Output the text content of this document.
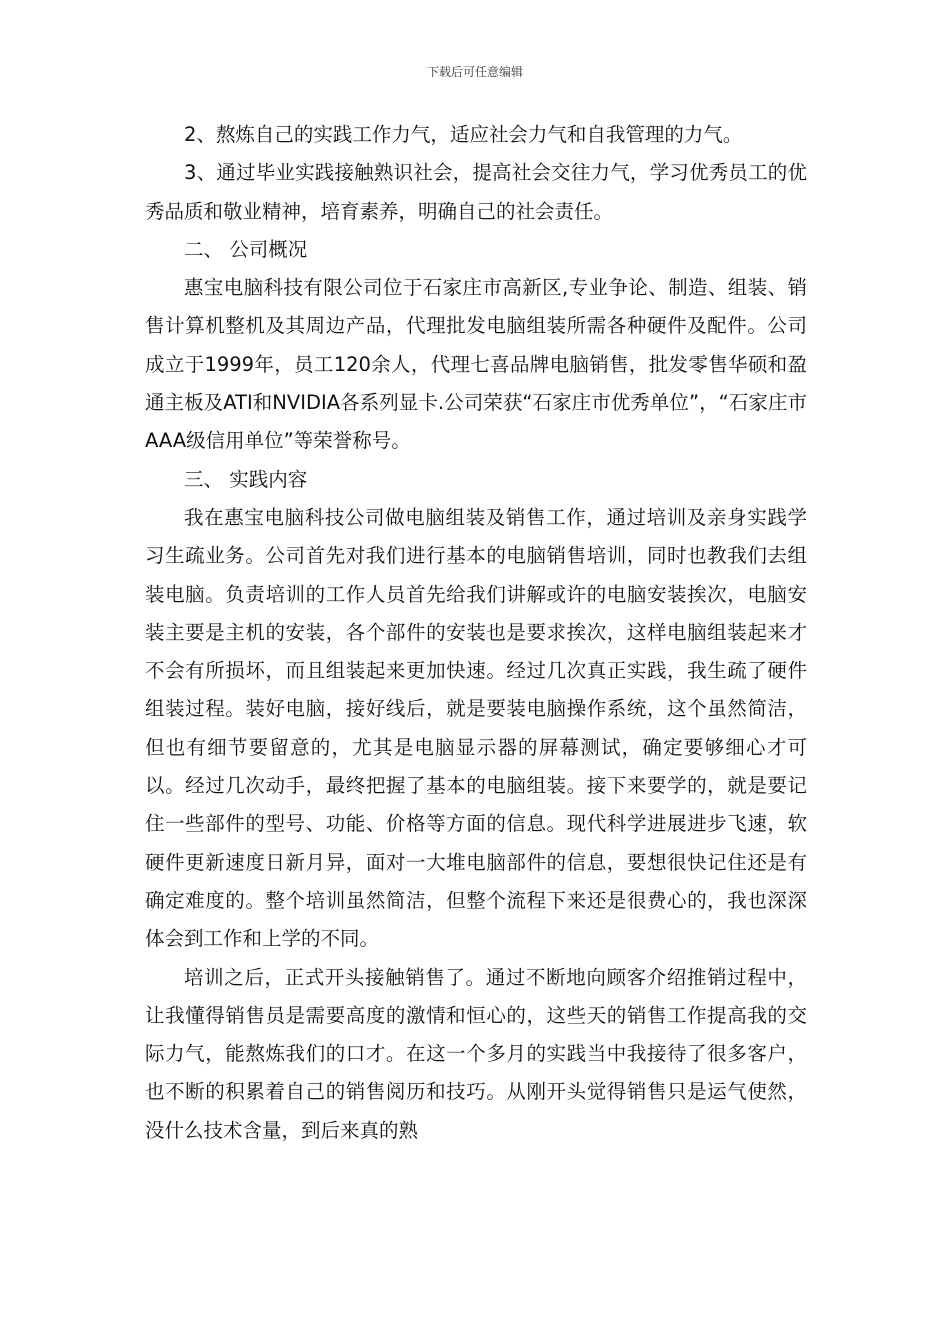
下载后可任意编辑

2、熬炼自己的实践工作力气，适应社会力气和自我管理的力气。

3、通过毕业实践接触熟识社会，提高社会交往力气，学习优秀员工的优秀品质和敬业精神，培育素养，明确自己的社会责任。

二、 公司概况

惠宝电脑科技有限公司位于石家庄市高新区,专业争论、制造、组装、销售计算机整机及其周边产品，代理批发电脑组装所需各种硬件及配件。公司成立于1999年，员工120余人，代理七喜品牌电脑销售，批发零售华硕和盈通主板及ATI和NVIDIA各系列显卡.公司荣获“石家庄市优秀单位”，“石家庄市AAA级信用单位”等荣誉称号。

三、 实践内容

我在惠宝电脑科技公司做电脑组装及销售工作，通过培训及亲身实践学习生疏业务。公司首先对我们进行基本的电脑销售培训，同时也教我们去组装电脑。负责培训的工作人员首先给我们讲解或许的电脑安装挨次，电脑安装主要是主机的安装，各个部件的安装也是要求挨次，这样电脑组装起来才不会有所损坏，而且组装起来更加快速。经过几次真正实践，我生疏了硬件组装过程。装好电脑，接好线后，就是要装电脑操作系统，这个虽然简洁，但也有细节要留意的，尤其是电脑显示器的屏幕测试，确定要够细心才可以。经过几次动手，最终把握了基本的电脑组装。接下来要学的，就是要记住一些部件的型号、功能、价格等方面的信息。现代科学进展进步飞速，软硬件更新速度日新月异，面对一大堆电脑部件的信息，要想很快记住还是有确定难度的。整个培训虽然简洁，但整个流程下来还是很费心的，我也深深体会到工作和上学的不同。

培训之后，正式开头接触销售了。通过不断地向顾客介绍推销过程中，让我懂得销售员是需要高度的激情和恒心的，这些天的销售工作提高我的交际力气，能熬炼我们的口才。在这一个多月的实践当中我接待了很多客户，也不断的积累着自己的销售阅历和技巧。从刚开头觉得销售只是运气使然，没什么技术含量，到后来真的熟
